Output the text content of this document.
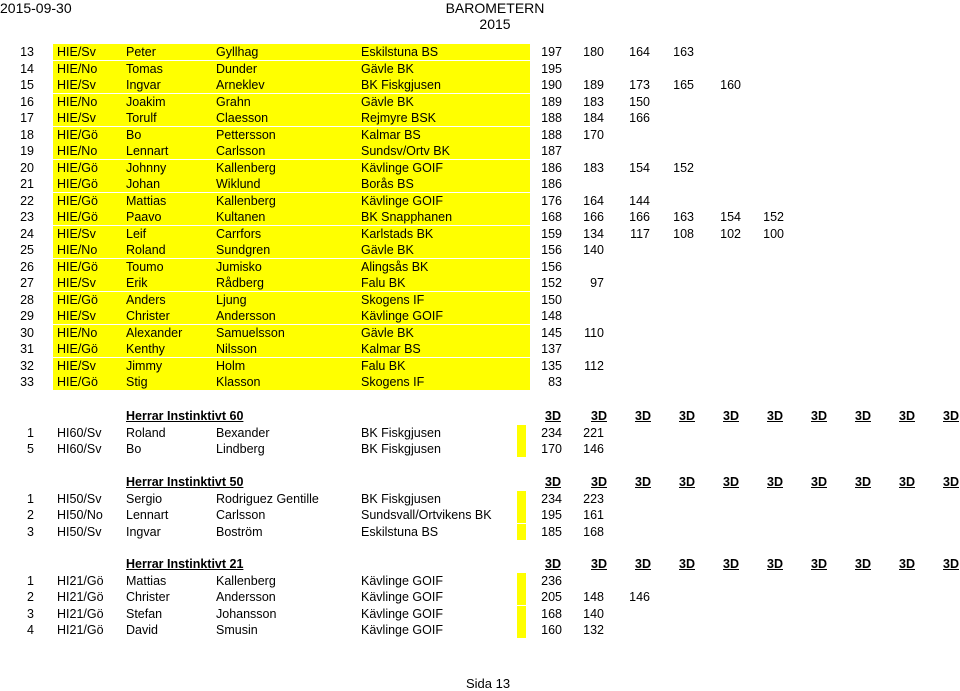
2015-09-30	BAROMETERN
2015
13	HIE/Sv	Peter	Gyllhag	Eskilstuna BS	197	180	164	163
14	HIE/No	Tomas	Dunder	Gävle BK	195
15	HIE/Sv	Ingvar	Arneklev	BK Fiskgjusen	190	189	173	165	160
16	HIE/No	Joakim	Grahn	Gävle BK	189	183	150
17	HIE/Sv	Torulf	Claesson	Rejmyre BSK	188	184	166
18	HIE/Gö	Bo	Pettersson	Kalmar BS	188	170
19	HIE/No	Lennart	Carlsson	Sundsv/Ortv BK	187
20	HIE/Gö	Johnny	Kallenberg	Kävlinge GOIF	186	183	154	152
21	HIE/Gö	Johan	Wiklund	Borås BS	186
22	HIE/Gö	Mattias	Kallenberg	Kävlinge GOIF	176	164	144
23	HIE/Gö	Paavo	Kultanen	BK Snapphanen	168	166	166	163	154	152
24	HIE/Sv	Leif	Carrfors	Karlstads BK	159	134	117	108	102	100
25	HIE/No	Roland	Sundgren	Gävle BK	156	140
26	HIE/Gö	Toumo	Jumisko	Alingsås BK	156
27	HIE/Sv	Erik	Rådberg	Falu BK	152	97
28	HIE/Gö	Anders	Ljung	Skogens IF	150
29	HIE/Sv	Christer	Andersson	Kävlinge GOIF	148
30	HIE/No	Alexander	Samuelsson	Gävle BK	145	110
31	HIE/Gö	Kenthy	Nilsson	Kalmar BS	137
32	HIE/Sv	Jimmy	Holm	Falu BK	135	112
33	HIE/Gö	Stig	Klasson	Skogens IF	83
Herrar Instinktivt 60	3D	3D	3D	3D	3D	3D	3D	3D	3D	3D
1	HI60/Sv	Roland	Bexander	BK Fiskgjusen	234	221
5	HI60/Sv	Bo	Lindberg	BK Fiskgjusen	170	146
Herrar Instinktivt 50	3D	3D	3D	3D	3D	3D	3D	3D	3D	3D
1	HI50/Sv	Sergio	Rodriguez Gentille	BK Fiskgjusen	234	223
2	HI50/No	Lennart	Carlsson	Sundsvall/Ortvikens BK	195	161
3	HI50/Sv	Ingvar	Boström	Eskilstuna BS	185	168
Herrar Instinktivt 21	3D	3D	3D	3D	3D	3D	3D	3D	3D	3D
1	HI21/Gö	Mattias	Kallenberg	Kävlinge GOIF	236
2	HI21/Gö	Christer	Andersson	Kävlinge GOIF	205	148	146
3	HI21/Gö	Stefan	Johansson	Kävlinge GOIF	168	140
4	HI21/Gö	David	Smusin	Kävlinge GOIF	160	132
Sida 13
